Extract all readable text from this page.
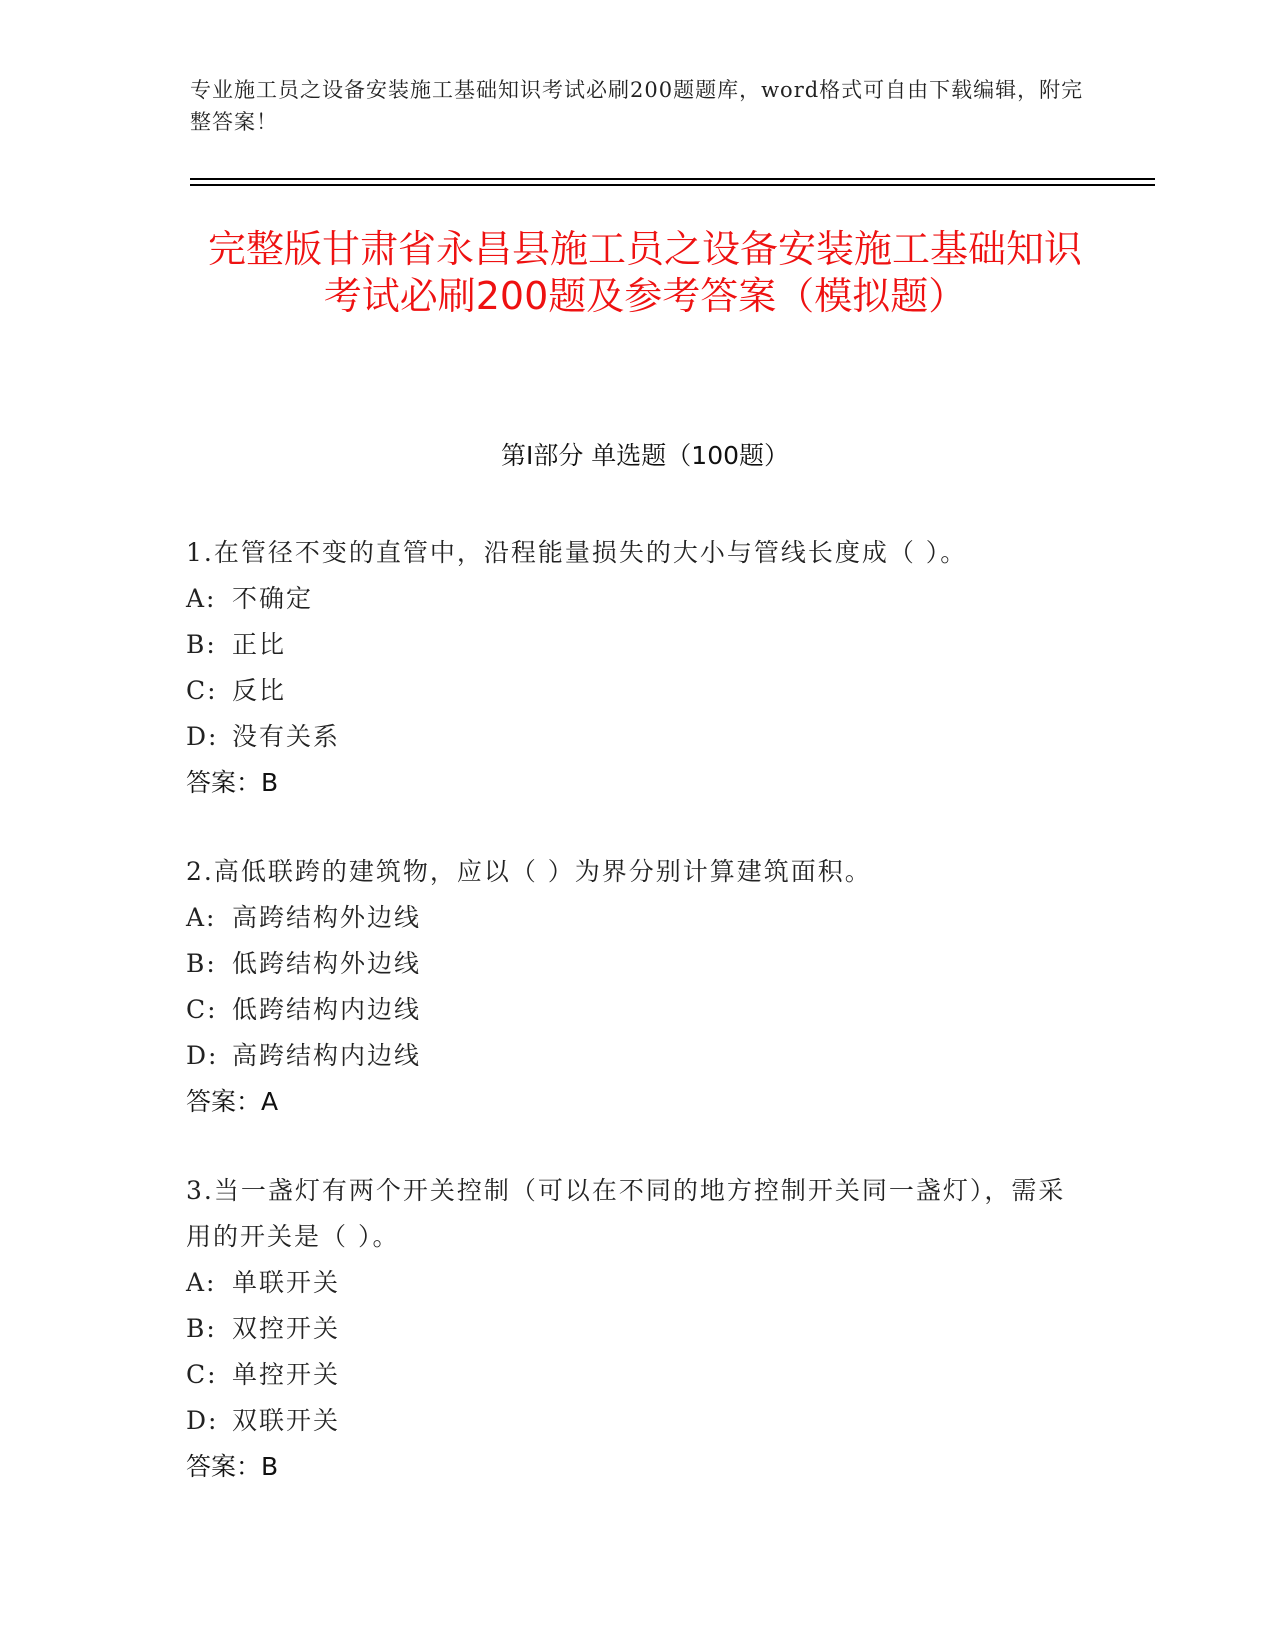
专业施工员之设备安装施工基础知识考试必刷200题题库，word格式可自由下载编辑，附完整答案！
完整版甘肃省永昌县施工员之设备安装施工基础知识考试必刷200题及参考答案（模拟题）
第I部分 单选题（100题）
1.在管径不变的直管中，沿程能量损失的大小与管线长度成（ ）。
A: 不确定
B: 正比
C: 反比
D: 没有关系
答案：B
2.高低联跨的建筑物，应以（ ）为界分别计算建筑面积。
A: 高跨结构外边线
B: 低跨结构外边线
C: 低跨结构内边线
D: 高跨结构内边线
答案：A
3.当一盏灯有两个开关控制（可以在不同的地方控制开关同一盏灯），需采用的开关是（ ）。
A: 单联开关
B: 双控开关
C: 单控开关
D: 双联开关
答案：B
